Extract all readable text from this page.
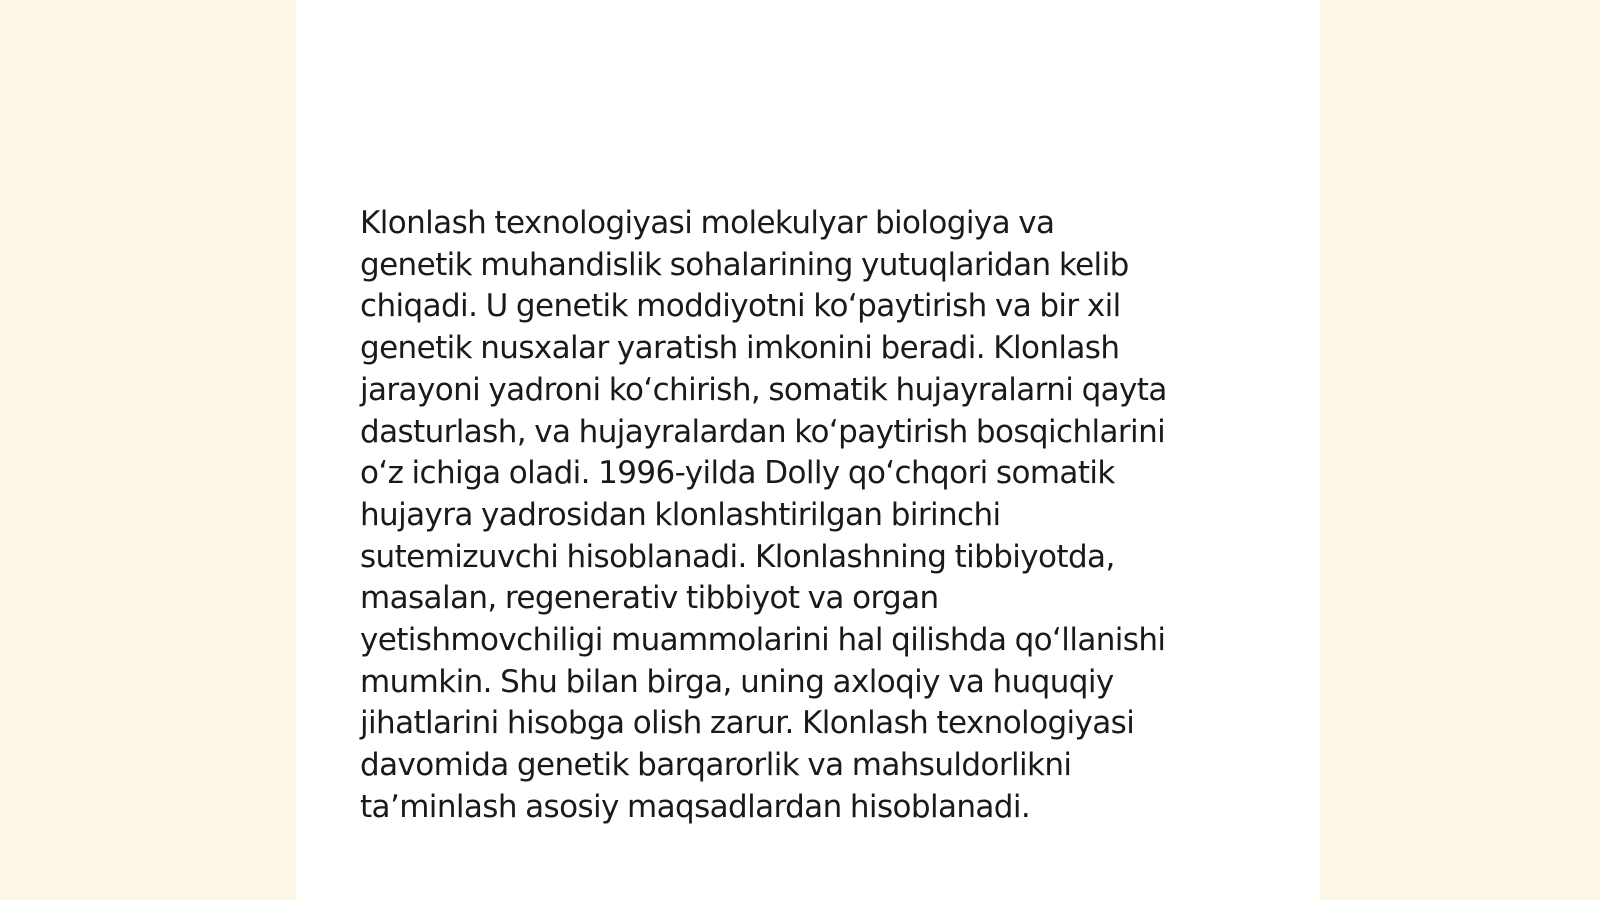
Klonlash texnologiyasi molekulyar biologiya va
genetik muhandislik sohalarining yutuqlaridan kelib
chiqadi. U genetik moddiyotni koʻpaytirish va bir xil
genetik nusxalar yaratish imkonini beradi. Klonlash
jarayoni yadroni koʻchirish, somatik hujayralarni qayta
dasturlash, va hujayralardan koʻpaytirish bosqichlarini
oʻz ichiga oladi. 1996-yilda Dolly qoʻchqori somatik
hujayra yadrosidan klonlashtirilgan birinchi
sutemizuvchi hisoblanadi. Klonlashning tibbiyotda,
masalan, regenerativ tibbiyot va organ
yetishmovchiligi muammolarini hal qilishda qoʻllanishi
mumkin. Shu bilan birga, uning axloqiy va huquqiy
jihatlarini hisobga olish zarur. Klonlash texnologiyasi
davomida genetik barqarorlik va mahsuldorlikni
taʼminlash asosiy maqsadlardan hisoblanadi.
